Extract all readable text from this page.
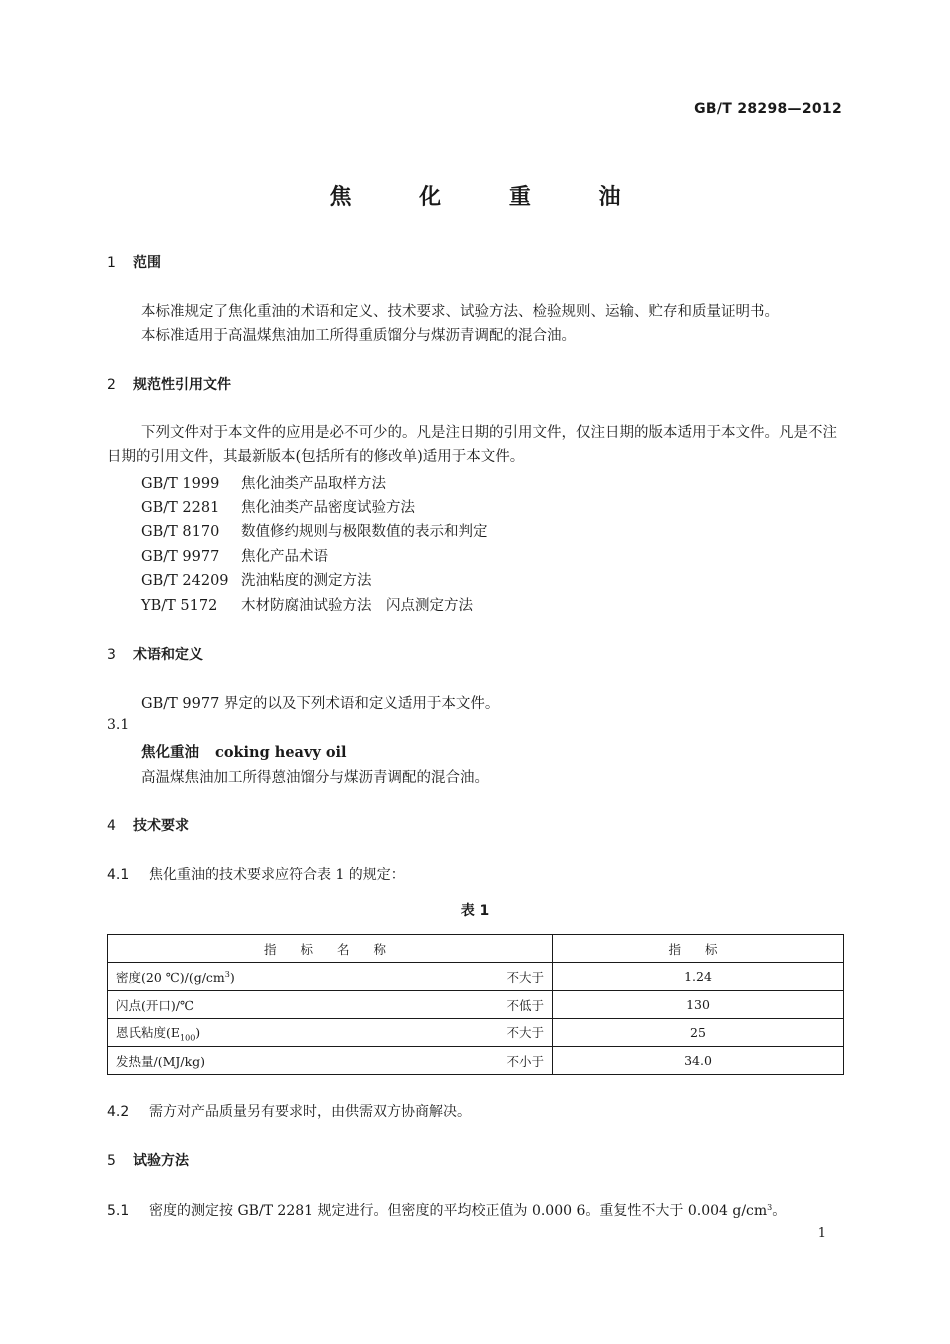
GB/T 28298—2012
焦 化 重 油
1 范围
本标准规定了焦化重油的术语和定义、技术要求、试验方法、检验规则、运输、贮存和质量证明书。
本标准适用于高温煤焦油加工所得重质馏分与煤沥青调配的混合油。
2 规范性引用文件
下列文件对于本文件的应用是必不可少的。凡是注日期的引用文件，仅注日期的版本适用于本文件。凡是不注日期的引用文件，其最新版本(包括所有的修改单)适用于本文件。
GB/T 1999 焦化油类产品取样方法
GB/T 2281 焦化油类产品密度试验方法
GB/T 8170 数值修约规则与极限数值的表示和判定
GB/T 9977 焦化产品术语
GB/T 24209 洗油粘度的测定方法
YB/T 5172 木材防腐油试验方法　闪点测定方法
3 术语和定义
GB/T 9977 界定的以及下列术语和定义适用于本文件。
3.1
焦化重油 coking heavy oil
高温煤焦油加工所得蒽油馏分与煤沥青调配的混合油。
4 技术要求
4.1 焦化重油的技术要求应符合表 1 的规定：
表 1
指 标 名 称	指 标

密度(20 $℃)/(g/cm^3)$ 不大于	1.24

闪点(开口)/℃ 不低于	130

恩氏粘度$(E_{100})$ 不大于	25

发热量/(MJ/kg) 不小于	34.0
4.2 需方对产品质量另有要求时，由供需双方协商解决。
5 试验方法
5.1 密度的测定按 GB/T 2281 规定进行。但密度的平均校正值为 0.000 6。重复性不大于 0.004 $g/cm^3$。
1
